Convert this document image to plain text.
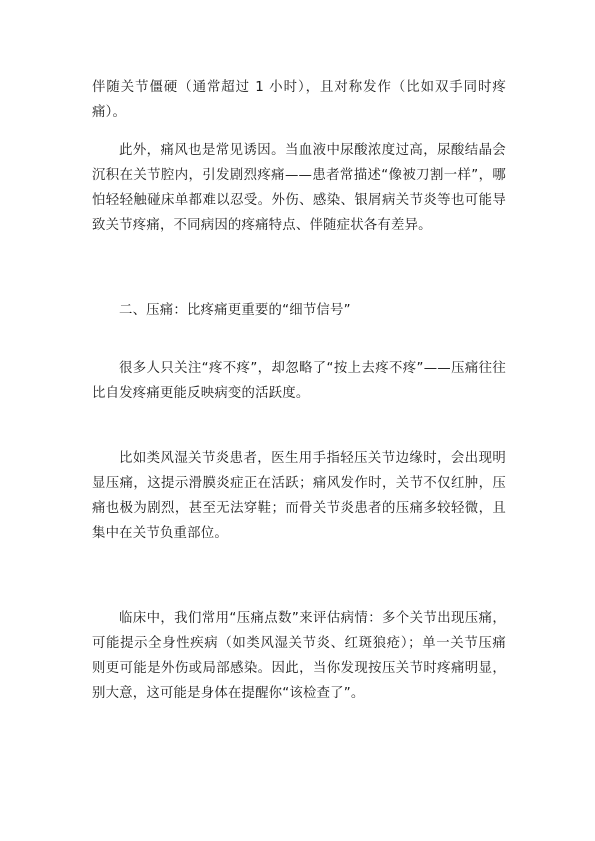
伴随关节僵硬（通常超过 1 小时），且对称发作（比如双手同时疼痛）。

此外，痛风也是常见诱因。当血液中尿酸浓度过高，尿酸结晶会沉积在关节腔内，引发剧烈疼痛——患者常描述“像被刀割一样”，哪怕轻轻触碰床单都难以忍受。外伤、感染、银屑病关节炎等也可能导致关节疼痛，不同病因的疼痛特点、伴随症状各有差异。

二、压痛：比疼痛更重要的“细节信号”

很多人只关注“疼不疼”，却忽略了“按上去疼不疼”——压痛往往比自发疼痛更能反映病变的活跃度。

比如类风湿关节炎患者，医生用手指轻压关节边缘时，会出现明显压痛，这提示滑膜炎症正在活跃；痛风发作时，关节不仅红肿，压痛也极为剧烈，甚至无法穿鞋；而骨关节炎患者的压痛多较轻微，且集中在关节负重部位。

临床中，我们常用“压痛点数”来评估病情：多个关节出现压痛，可能提示全身性疾病（如类风湿关节炎、红斑狼疮）；单一关节压痛则更可能是外伤或局部感染。因此，当你发现按压关节时疼痛明显，别大意，这可能是身体在提醒你“该检查了”。
